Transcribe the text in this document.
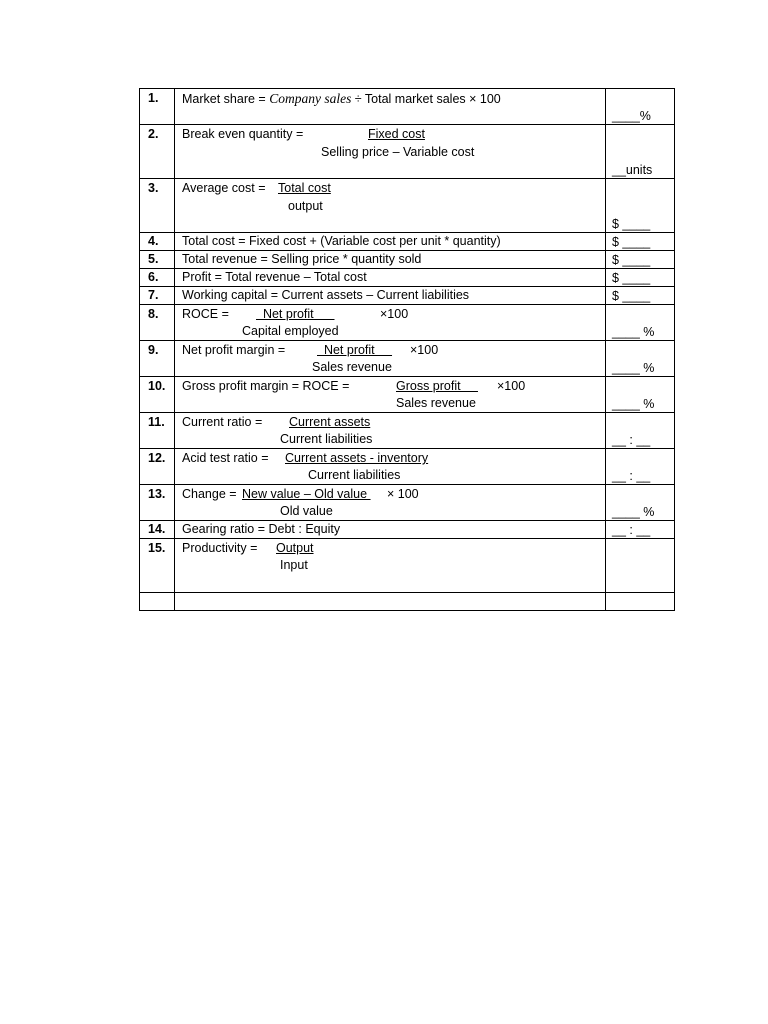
1.	Market share = Company sales ÷ Total market sales × 100	____%

2.	Break even quantity = Fixed cost
Selling price – Variable cost	__units

3.	Average cost = Total cost
output	$ ____

4.	Total cost = Fixed cost + (Variable cost per unit * quantity)	$ ____

5.	Total revenue = Selling price * quantity sold	$ ____

6.	Profit = Total revenue – Total cost	$ ____

7.	Working capital = Current assets – Current liabilities	$ ____

8.	ROCE = Net profit ×100
Capital employed	____ %

9.	Net profit margin = Net profit ×100
Sales revenue	____ %

10.	Gross profit margin = ROCE = Gross profit ×100
Sales revenue	____ %

11.	Current ratio = Current assets
Current liabilities	__ : __

12.	Acid test ratio = Current assets - inventory
Current liabilities	__ : __

13.	Change = New value – Old value × 100
Old value	____ %

14.	Gearing ratio = Debt : Equity	__ : __

15.	Productivity = Output
Input	
